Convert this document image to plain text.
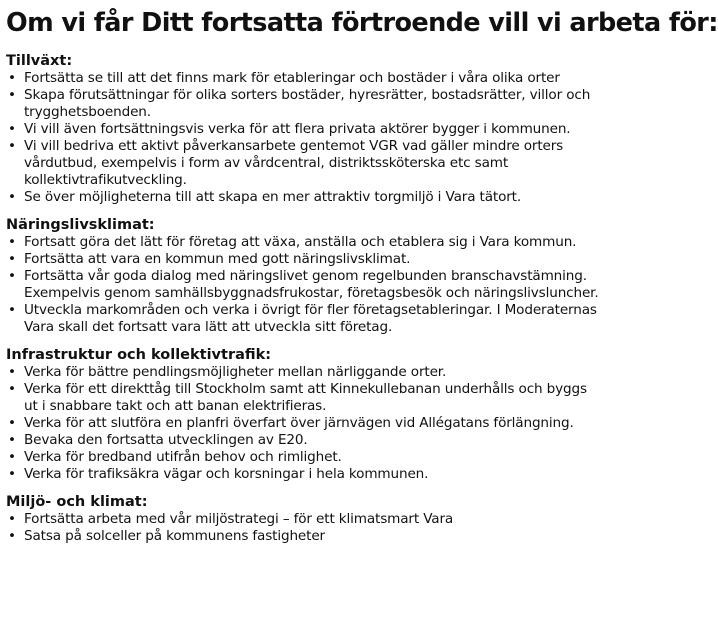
Om vi får Ditt fortsatta förtroende vill vi arbeta för:
Tillväxt:
• Fortsätta se till att det finns mark för etableringar och bostäder i våra olika orter
• Skapa förutsättningar för olika sorters bostäder, hyresrätter, bostadsrätter, villor och trygghetsboenden.
• Vi vill även fortsättningsvis verka för att flera privata aktörer bygger i kommunen.
• Vi vill bedriva ett aktivt påverkansarbete gentemot VGR vad gäller mindre orters vårdutbud, exempelvis i form av vårdcentral, distriktssköterska etc samt kollektivtrafikutveckling.
• Se över möjligheterna till att skapa en mer attraktiv torgmiljö i Vara tätort.
Näringslivsklimat:
• Fortsatt göra det lätt för företag att växa, anställa och etablera sig i Vara kommun.
• Fortsätta att vara en kommun med gott näringslivsklimat.
• Fortsätta vår goda dialog med näringslivet genom regelbunden branschavstämning. Exempelvis genom samhällsbyggnadsfrukostar, företagsbesök och näringslivsluncher.
• Utveckla markområden och verka i övrigt för fler företagsetableringar. I Moderaternas Vara skall det fortsatt vara lätt att utveckla sitt företag.
Infrastruktur och kollektivtrafik:
• Verka för bättre pendlingsmöjligheter mellan närliggande orter.
• Verka för ett direkttåg till Stockholm samt att Kinnekullebanan underhålls och byggs ut i snabbare takt och att banan elektrifieras.
• Verka för att slutföra en planfri överfart över järnvägen vid Allégatans förlängning.
• Bevaka den fortsatta utvecklingen av E20.
• Verka för bredband utifrån behov och rimlighet.
• Verka för trafiksäkra vägar och korsningar i hela kommunen.
Miljö- och klimat:
• Fortsätta arbeta med vår miljöstrategi – för ett klimatsmart Vara
• Satsa på solceller på kommunens fastigheter
